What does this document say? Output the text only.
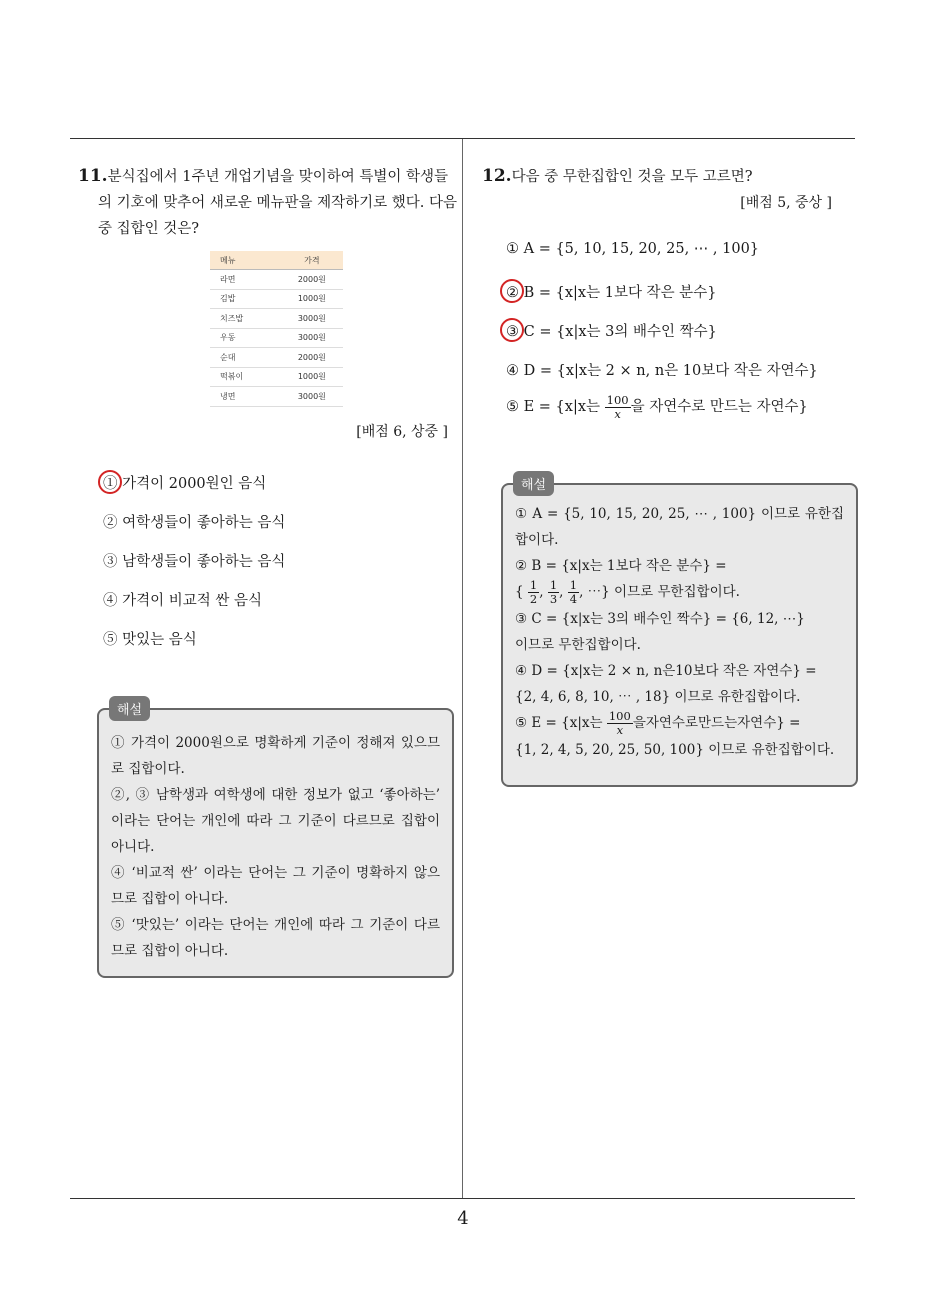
4
11.분식집에서 1주년 개업기념을 맞이하여 특별이 학생들의 기호에 맞추어 새로운 메뉴판을 제작하기로 했다. 다음 중 집합인 것은?
메뉴	가격
라면	2000원
김밥	1000원
치즈밥	3000원
우동	3000원
순대	2000원
떡볶이	1000원
냉면	3000원
[배점 6, 상중 ]
① 가격이 2000원인 음식
② 여학생들이 좋아하는 음식
③ 남학생들이 좋아하는 음식
④ 가격이 비교적 싼 음식
⑤ 맛있는 음식
해설

① 가격이 2000원으로 명확하게 기준이 정해져 있으므로 집합이다.

②, ③ 남학생과 여학생에 대한 정보가 없고 ‘좋아하는’ 이라는 단어는 개인에 따라 그 기준이 다르므로 집합이 아니다.

④ ‘비교적 싼’ 이라는 단어는 그 기준이 명확하지 않으므로 집합이 아니다.

⑤ ‘맛있는’ 이라는 단어는 개인에 따라 그 기준이 다르므로 집합이 아니다.

12.다음 중 무한집합인 것을 모두 고르면?
[배점 5, 중상 ]
① A = {5, 10, 15, 20, 25, ⋯ , 100}
② B = {x|x는 1보다 작은 분수}
③ C = {x|x는 3의 배수인 짝수}
④ D = {x|x는 2 × n, n은 10보다 작은 자연수}
⑤ E = {x|x는 $\frac{100}{x}$ 을 자연수로 만드는 자연수}
해설

① A = {5, 10, 15, 20, 25, ⋯ , 100} 이므로 유한집합이다.

② B = {x|x는 1보다 작은 분수} =

{ $\frac{1}{2}$ , $\frac{1}{3}$ , $\frac{1}{4}$ , ⋯} 이므로 무한집합이다.

③ C = {x|x는 3의 배수인 짝수} = {6, 12, ⋯}

이므로 무한집합이다.

④ D = {x|x는 2 × n, n은10보다 작은 자연수} =

{2, 4, 6, 8, 10, ⋯ , 18} 이므로 유한집합이다.

⑤ E = {x|x는 $\frac{100}{x}$ 을자연수로만드는자연수} =

{1, 2, 4, 5, 20, 25, 50, 100} 이므로 유한집합이다.
